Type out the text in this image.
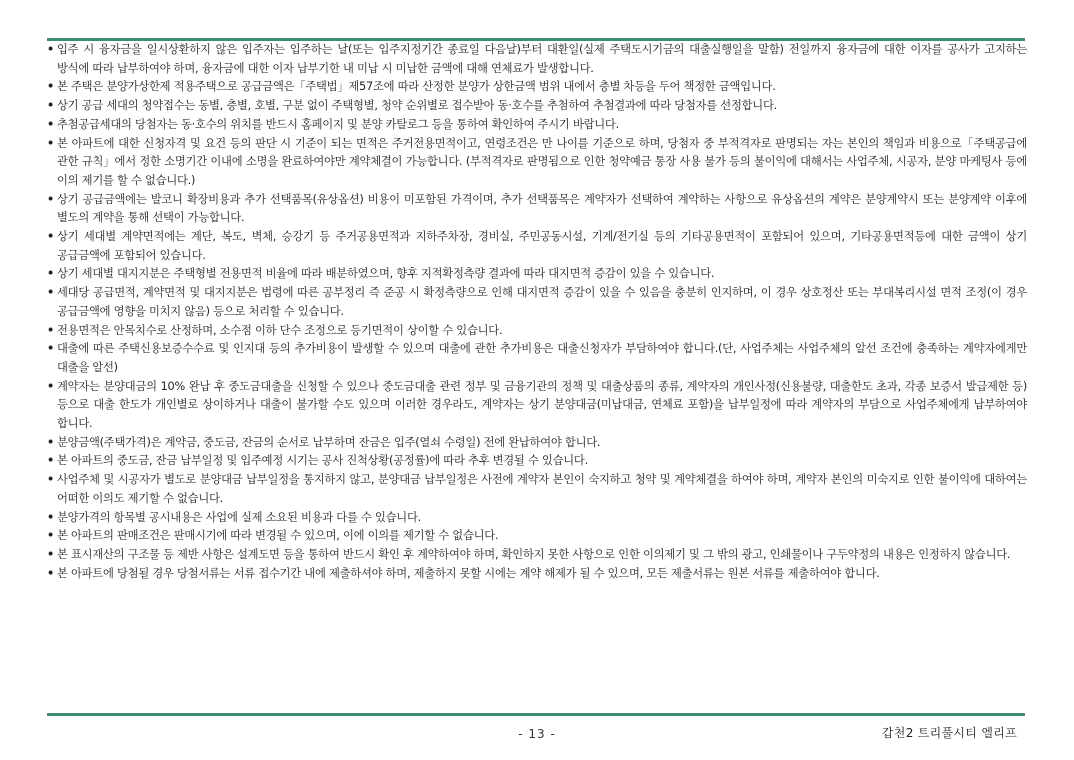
• 입주 시 융자금을 일시상환하지 않은 입주자는 입주하는 날(또는 입주지정기간 종료일 다음날)부터 대환일(실제 주택도시기금의 대출실행일을 말함) 전일까지 융자금에 대한 이자를 공사가 고지하는 방식에 따라 납부하여야 하며, 융자금에 대한 이자 납부기한 내 미납 시 미납한 금액에 대해 연체료가 발생합니다.
• 본 주택은 분양가상한제 적용주택으로 공급금액은「주택법」제57조에 따라 산정한 분양가 상한금액 범위 내에서 층별 차등을 두어 책정한 금액입니다.
• 상기 공급 세대의 청약접수는 동별, 층별, 호별, 구분 없이 주택형별, 청약 순위별로 접수받아 동·호수를 추첨하여 추첨결과에 따라 당첨자를 선정합니다.
• 추첨공급세대의 당첨자는 동·호수의 위치를 반드시 홈페이지 및 분양 카탈로그 등을 통하여 확인하여 주시기 바랍니다.
• 본 아파트에 대한 신청자격 및 요건 등의 판단 시 기준이 되는 면적은 주거전용면적이고, 연령조건은 만 나이를 기준으로 하며, 당첨자 중 부적격자로 판명되는 자는 본인의 책임과 비용으로「주택공급에 관한 규칙」에서 정한 소명기간 이내에 소명을 완료하여야만 계약체결이 가능합니다. (부적격자로 판명됨으로 인한 청약예금 통장 사용 불가 등의 불이익에 대해서는 사업주체, 시공자, 분양 마케팅사 등에 이의 제기를 할 수 없습니다.)
• 상기 공급금액에는 발코니 확장비용과 추가 선택품목(유상옵션) 비용이 미포함된 가격이며, 추가 선택품목은 계약자가 선택하여 계약하는 사항으로 유상옵션의 계약은 분양계약시 또는 분양계약 이후에 별도의 계약을 통해 선택이 가능합니다.
• 상기 세대별 계약면적에는 계단, 복도, 벽체, 승강기 등 주거공용면적과 지하주차장, 경비실, 주민공동시설, 기계/전기실 등의 기타공용면적이 포함되어 있으며, 기타공용면적등에 대한 금액이 상기 공급금액에 포함되어 있습니다.
• 상기 세대별 대지지분은 주택형별 전용면적 비율에 따라 배분하였으며, 향후 지적확정측량 결과에 따라 대지면적 증감이 있을 수 있습니다.
• 세대당 공급면적, 계약면적 및 대지지분은 법령에 따른 공부정리 즉 준공 시 확정측량으로 인해 대지면적 증감이 있을 수 있음을 충분히 인지하며, 이 경우 상호정산 또는 부대복리시설 면적 조정(이 경우 공급금액에 영향을 미치지 않음) 등으로 처리할 수 있습니다.
• 전용면적은 안목치수로 산정하며, 소수점 이하 단수 조정으로 등기면적이 상이할 수 있습니다.
• 대출에 따른 주택신용보증수수료 및 인지대 등의 추가비용이 발생할 수 있으며 대출에 관한 추가비용은 대출신청자가 부담하여야 합니다.(단, 사업주체는 사업주체의 알선 조건에 충족하는 계약자에게만 대출을 알선)
• 계약자는 분양대금의 10% 완납 후 중도금대출을 신청할 수 있으나 중도금대출 관련 정부 및 금융기관의 정책 및 대출상품의 종류, 계약자의 개인사정(신용불량, 대출한도 초과, 각종 보증서 발급제한 등) 등으로 대출 한도가 개인별로 상이하거나 대출이 불가할 수도 있으며 이러한 경우라도, 계약자는 상기 분양대금(미납대금, 연체료 포함)을 납부일정에 따라 계약자의 부담으로 사업주체에게 납부하여야 합니다.
• 분양금액(주택가격)은 계약금, 중도금, 잔금의 순서로 납부하며 잔금은 입주(열쇠 수령일) 전에 완납하여야 합니다.
• 본 아파트의 중도금, 잔금 납부일정 및 입주예정 시기는 공사 진척상황(공정률)에 따라 추후 변경될 수 있습니다.
• 사업주체 및 시공자가 별도로 분양대금 납부일정을 통지하지 않고, 분양대금 납부일정은 사전에 계약자 본인이 숙지하고 청약 및 계약체결을 하여야 하며, 계약자 본인의 미숙지로 인한 불이익에 대하여는 어떠한 이의도 제기할 수 없습니다.
• 분양가격의 항목별 공시내용은 사업에 실제 소요된 비용과 다를 수 있습니다.
• 본 아파트의 판매조건은 판매시기에 따라 변경될 수 있으며, 이에 이의를 제기할 수 없습니다.
• 본 표시재산의 구조물 등 제반 사항은 설계도면 등을 통하여 반드시 확인 후 계약하여야 하며, 확인하지 못한 사항으로 인한 이의제기 및 그 밖의 광고, 인쇄물이나 구두약정의 내용은 인정하지 않습니다.
• 본 아파트에 당첨될 경우 당첨서류는 서류 접수기간 내에 제출하셔야 하며, 제출하지 못할 시에는 계약 해제가 될 수 있으며, 모든 제출서류는 원본 서류를 제출하여야 합니다.
- 13 -	갑천2 트리풀시티 엘리프
